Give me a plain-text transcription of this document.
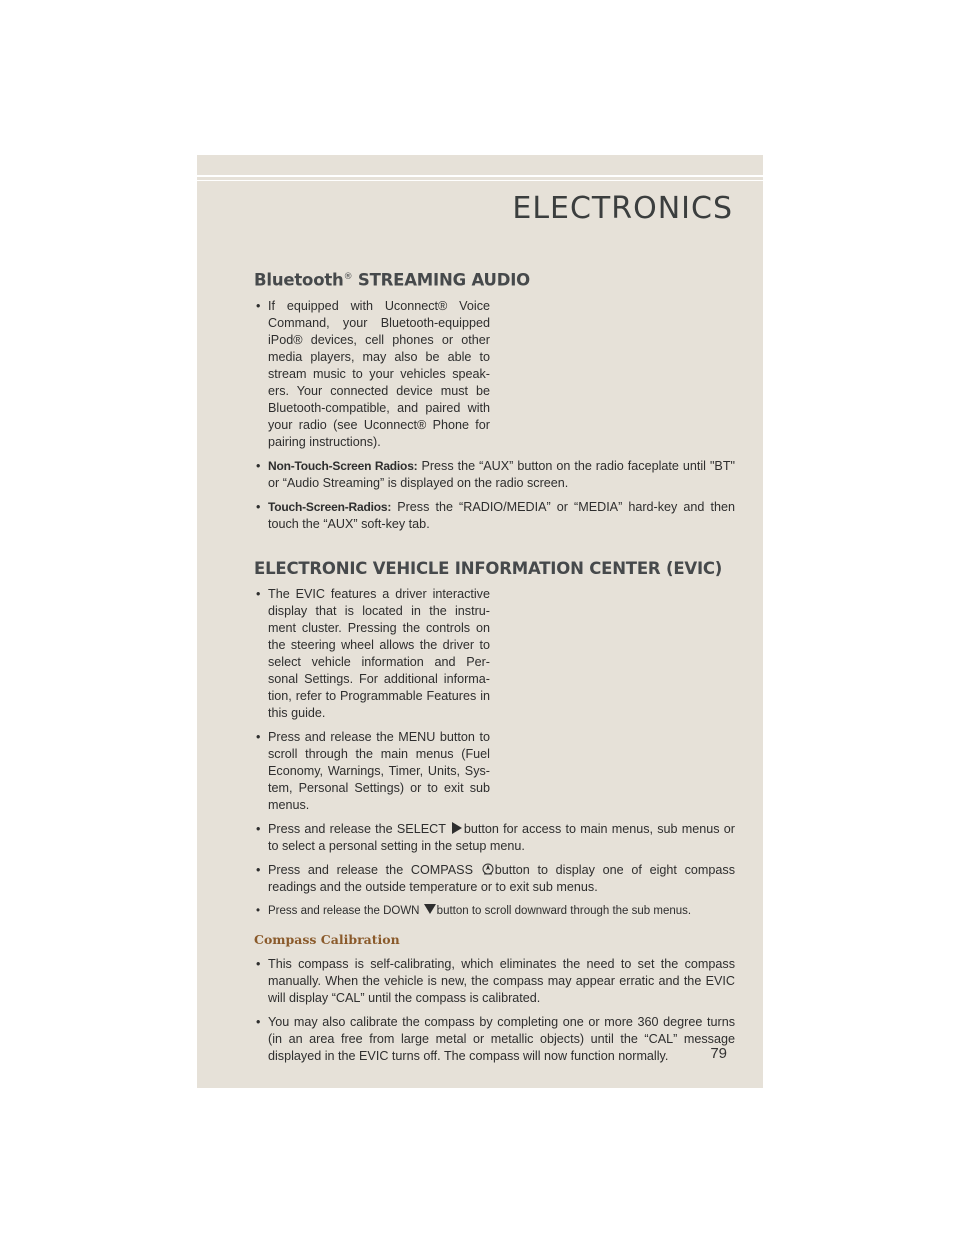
ELECTRONICS
79
Bluetooth® STREAMING AUDIO
• If equipped with Uconnect® Voice Command, your Bluetooth-equipped iPod® devices, cell phones or other media players, may also be able to stream music to your vehicles speak- ers. Your connected device must be Bluetooth-compatible, and paired with your radio (see Uconnect® Phone for pairing instructions).
• Non-Touch-Screen Radios: Press the “AUX” button on the radio faceplate until "BT" or “Audio Streaming” is displayed on the radio screen.
• Touch-Screen-Radios: Press the “RADIO/MEDIA” or “MEDIA” hard-key and then touch the “AUX” soft-key tab.
ELECTRONIC VEHICLE INFORMATION CENTER (EVIC)
• The EVIC features a driver interactive display that is located in the instru- ment cluster. Pressing the controls on the steering wheel allows the driver to select vehicle information and Per- sonal Settings. For additional informa- tion, refer to Programmable Features in this guide.
• Press and release the MENU button to scroll through the main menus (Fuel Economy, Warnings, Timer, Units, Sys- tem, Personal Settings) or to exit sub menus.
• Press and release the SELECT button for access to main menus, sub menus or to select a personal setting in the setup menu.
• Press and release the COMPASS button to display one of eight compass readings and the outside temperature or to exit sub menus.
• Press and release the DOWN button to scroll downward through the sub menus.
Compass Calibration
• This compass is self-calibrating, which eliminates the need to set the compass manually. When the vehicle is new, the compass may appear erratic and the EVIC will display “CAL” until the compass is calibrated.
• You may also calibrate the compass by completing one or more 360 degree turns (in an area free from large metal or metallic objects) until the “CAL” message displayed in the EVIC turns off. The compass will now function normally.
